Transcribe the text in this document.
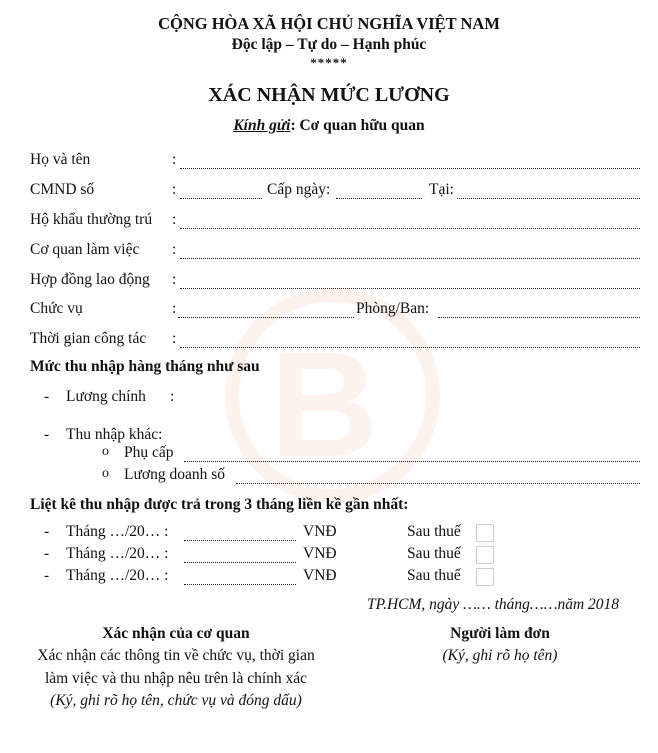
B
CỘNG HÒA XÃ HỘI CHỦ NGHĨA VIỆT NAM
Độc lập – Tự do – Hạnh phúc
*****
XÁC NHẬN MỨC LƯƠNG
Kính gửi: Cơ quan hữu quan
Họ và tên	:
CMND số	:	Cấp ngày:	Tại:
Hộ khẩu thường trú :
Cơ quan làm việc :
Hợp đồng lao động :
Chức vụ	:	Phòng/Ban:
Thời gian công tác :
Mức thu nhập hàng tháng như sau
- Lương chính :
- Thu nhập khác:
o Phụ cấp
o Lương doanh số
Liệt kê thu nhập được trả trong 3 tháng liền kề gần nhất:
- Tháng …/20… :	VNĐ	Sau thuế
- Tháng …/20… :	VNĐ	Sau thuế
- Tháng …/20… :	VNĐ	Sau thuế
TP.HCM, ngày …… tháng……năm 2018
Xác nhận của cơ quan
Xác nhận các thông tin về chức vụ, thời gian
làm việc và thu nhập nêu trên là chính xác
(Ký, ghi rõ họ tên, chức vụ và đóng dấu)
Người làm đơn
(Ký, ghi rõ họ tên)
